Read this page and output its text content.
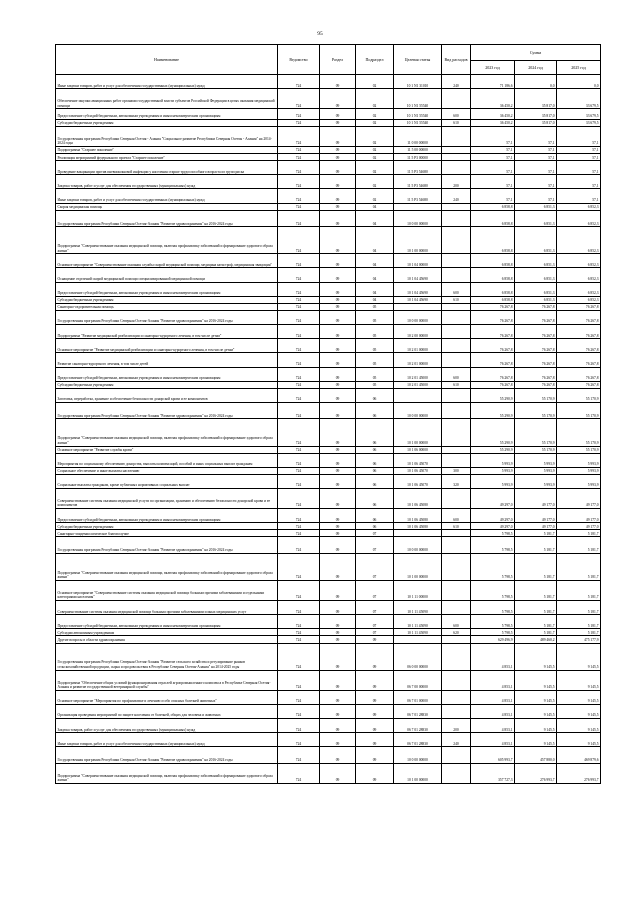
95
Наименование	Ведомство	Раздел	Подраздел	Целевая статья	Вид расходов	Сумма		
						2023 год	2024 год	2025 год
Иные закупки товаров, работ и услуг для обеспечения государственных (муниципальных) нужд	724	09	02	10 1 N1 31010	240	71 186,6	0,0	0,0
Обеспечение закупки авиационных работ органами государственной власти субъектов Российской Федерации в целях оказания медицинской помощи	724	09	02	10 1 N1 55540		36 450,2	35 817,0	33 679,5
Предоставление субсидий бюджетным, автономным учреждениям и иным некоммерческим организациям	724	09	02	10 1 N1 55540	600	36 450,2	35 817,0	33 679,5
Субсидии бюджетным учреждениям	724	09	02	10 1 N1 55540	610	36 450,2	35 817,0	33 679,5
Государственная программа Республики Северная Осетия - Алания "Социальное развитие Республики Северная Осетия - Алания" на 2014-2024 годы	724	09	02	11 0 00 00000		57,1	57,1	57,1
Подпрограмма "Старшее поколение"	724	09	02	11 5 00 00000		57,1	57,1	57,1
Реализация мероприятий федерального проекта "Старшее поколение"	724	09	02	11 5 P3 00000		57,1	57,1	57,1
Проведение вакцинации против пневмококковой инфекции у населения старше трудоспособного возраста из групп риска	724	09	02	11 5 P3 54680		57,1	57,1	57,1
Закупка товаров, работ и услуг для обеспечения государственных (муниципальных) нужд	724	09	02	11 5 P3 54680	200	57,1	57,1	57,1
Иные закупки товаров, работ и услуг для обеспечения государственных (муниципальных) нужд	724	09	02	11 5 P3 54680	240	57,1	57,1	57,1
Скорая медицинская помощь	724	09	04			6 858,8	6 851,3	6 852,3
Государственная программа Республики Северная Осетия-Алания "Развитие здравоохранения" на 2016-2024 годы	724	09	04	10 0 00 00000		6 858,8	6 851,3	6 852,3
Подпрограмма "Совершенствование оказания медицинской помощи, включая профилактику заболеваний и формирование здорового образа жизни"	724	09	04	10 1 00 00000		6 858,8	6 851,3	6 852,3
Основное мероприятие "Совершенствование оказания службы скорой медицинской помощи, медицина катастроф, медицинская эвакуация"	724	09	04	10 1 04 00000		6 858,8	6 851,3	6 852,3
Оснащение отделений скорой медицинской помощи специализированной медицинской помощи	724	09	04	10 1 04 45690		6 858,8	6 851,3	6 852,3
Предоставление субсидий бюджетным, автономным учреждениям и иным некоммерческим организациям	724	09	04	10 1 04 45690	600	6 858,8	6 851,3	6 852,3
Субсидии бюджетным учреждениям	724	09	04	10 1 04 45690	610	6 858,8	6 851,3	6 852,3
Санаторно-оздоровительная помощь	724	09	05			76 267,8	76 267,8	76 267,8
Государственная программа Республики Северная Осетия-Алания "Развитие здравоохранения" на 2016-2024 годы	724	09	05	10 0 00 00000		76 267,8	76 267,8	76 267,8
Подпрограмма "Развитие медицинской реабилитации и санаторно-курортного лечения, в том числе детям"	724	09	05	10 2 00 00000		76 267,8	76 267,8	76 267,8
Основное мероприятие "Развитие медицинской реабилитации и санаторно-курортного лечения, в том числе детям"	724	09	05	10 2 01 00000		76 267,8	76 267,8	76 267,8
Развитие санаторно-курортного лечения, в том числе детей	724	09	05	10 2 01 00000		76 267,8	76 267,8	76 267,8
Предоставление субсидий бюджетным, автономным учреждениям и иным некоммерческим организациям	724	09	05	10 2 01 45000	600	76 267,8	76 267,8	76 267,8
Субсидии бюджетным учреждениям	724	09	05	10 2 01 45000	610	76 267,8	76 267,8	76 267,8
Заготовка, переработка, хранение и обеспечение безопасности донорской крови и ее компонентов	724	09	06			55 290,9	55 170,9	55 170,9
Государственная программа Республики Северная Осетия-Алания "Развитие здравоохранения" на 2016-2024 годы	724	09	06	10 0 00 00000		55 290,9	55 170,9	55 170,9
Подпрограмма "Совершенствование оказания медицинской помощи, включая профилактику заболеваний и формирование здорового образа жизни"	724	09	06	10 1 00 00000		55 290,9	55 170,9	55 170,9
Основное мероприятие "Развитие службы крови"	724	09	06	10 1 06 00000		55 290,9	55 170,9	55 170,9
Мероприятия по социальному обеспечению донорства, выплаты компенсаций, пособий и иных социальных выплат гражданам	724	09	06	10 1 06 45070		5 993,9	5 993,9	5 993,9
Социальное обеспечение и иные выплаты населению	724	09	06	10 1 06 45070	300	5 993,9	5 993,9	5 993,9
Социальные выплаты гражданам, кроме публичных нормативных социальных выплат	724	09	06	10 1 06 45070	320	5 993,9	5 993,9	5 993,9
Совершенствование системы оказания медицинской услуги по организации, хранению и обеспечению безопасности донорской крови и ее компонентов	724	09	06	10 1 06 45080		49 297,0	49 177,0	49 177,0
Предоставление субсидий бюджетным, автономным учреждениям и иным некоммерческим организациям	724	09	06	10 1 06 45080	600	49 297,0	49 177,0	49 177,0
Субсидии бюджетным учреждениям	724	09	06	10 1 06 45080	610	49 297,0	49 177,0	49 177,0
Санитарно-эпидемиологическое благополучие	724	09	07			5 798,5	5 181,7	5 181,7
Государственная программа Республики Северная Осетия-Алания "Развитие здравоохранения" на 2016-2024 годы	724	09	07	10 0 00 00000		5 798,5	5 181,7	5 181,7
Подпрограмма "Совершенствование оказания медицинской помощи, включая профилактику заболеваний и формирование здорового образа жизни"	724	09	07	10 1 00 00000		5 798,5	5 181,7	5 181,7
Основное мероприятие "Совершенствование системы оказания медицинской помощи больным прочими заболеваниями и отдельными категориями населения"	724	09	07	10 1 11 00000		5 798,5	5 181,7	5 181,7
Совершенствование системы оказания медицинской помощи больным прочими заболеваниями и иных медицинских услуг	724	09	07	10 1 11 45090		5 798,5	5 181,7	5 181,7
Предоставление субсидий бюджетным, автономным учреждениям и иным некоммерческим организациям	724	09	07	10 1 11 45090	600	5 798,5	5 181,7	5 181,7
Субсидии автономным учреждениям	724	09	07	10 1 11 45090	620	5 798,5	5 181,7	5 181,7
Другие вопросы в области здравоохранения	724	09	09			629 496,9	489 460,2	475 177,9
Государственная программа Республики Северная Осетия-Алания "Развитие сельского хозяйства и регулирование рынков сельскохозяйственной продукции, сырья и продовольствия в Республике Северная Осетия-Алания" на 2014-2025 годы	724	09	09	06 0 00 00000		4 853,1	9 145,5	9 145,5
Подпрограмма "Обеспечение общих условий функционирования отраслей агропромышленного комплекса в Республике Северная Осетия-Алания и развитие государственной ветеринарной службы"	724	09	09	06 7 00 00000		4 853,1	9 145,5	9 145,5
Основное мероприятие "Мероприятия по профилактике и лечению особо опасных болезней животных"	724	09	09	06 7 01 00000		4 853,1	9 145,5	9 145,5
Организация проведения мероприятий по защите населения от болезней, общих для человека и животных	724	09	09	06 7 01 28830		4 853,1	9 145,5	9 145,5
Закупка товаров, работ и услуг для обеспечения государственных (муниципальных) нужд	724	09	09	06 7 01 28830	200	4 853,1	9 145,5	9 145,5
Иные закупки товаров, работ и услуг для обеспечения государственных (муниципальных) нужд	724	09	09	06 7 01 28830	240	4 853,1	9 145,5	9 145,5
Государственная программа Республики Северная Осетия-Алания "Развитие здравоохранения" на 2016-2024 годы	724	09	09	10 0 00 00000		605 993,7	457 880,0	469 879,6
Подпрограмма "Совершенствование оказания медицинской помощи, включая профилактику заболеваний и формирование здорового образа жизни"	724	09	09	10 1 00 00000		357 727,3	276 993,7	276 993,7
